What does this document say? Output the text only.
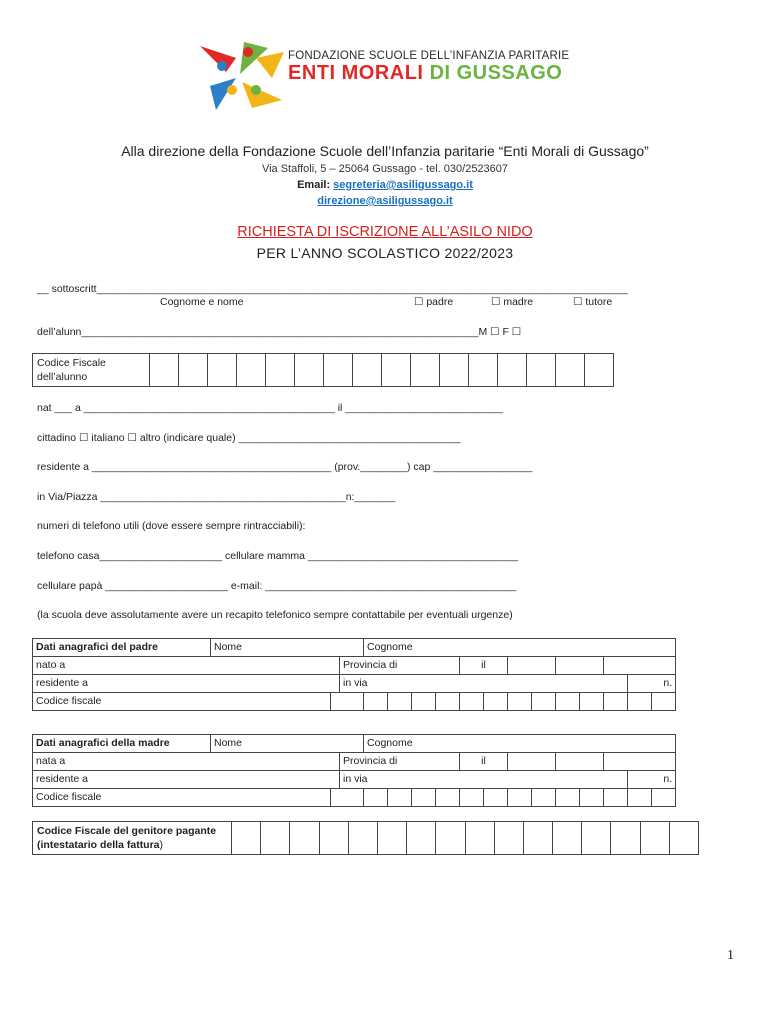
FONDAZIONE SCUOLE DELL’INFANZIA PARITARIE
ENTI MORALI DI GUSSAGO
Alla direzione della Fondazione Scuole dell’Infanzia paritarie “Enti Morali di Gussago”
Via Staffoli, 5 – 25064 Gussago - tel. 030/2523607
Email: segreteria@asiligussago.it
direzione@asiligussago.it
RICHIESTA DI ISCRIZIONE ALL’ASILO NIDO
PER L’ANNO SCOLASTICO 2022/2023
__ sottoscritt___________________________________________________________________________________________
Cognome e nome	☐ padre	☐ madre	☐ tutore
dell’alunn____________________________________________________________________M ☐ F ☐
Codice Fiscale
dell’alunno
nat ___ a ___________________________________________ il ___________________________
cittadino ☐ italiano ☐ altro (indicare quale) ______________________________________
residente a _________________________________________ (prov.________) cap _________________
in Via/Piazza __________________________________________n:_______
numeri di telefono utili (dove essere sempre rintracciabili):
telefono casa_____________________ cellulare mamma ____________________________________
cellulare papà _____________________ e-mail: ___________________________________________
(la scuola deve assolutamente avere un recapito telefonico sempre contattabile per eventuali urgenze)
Dati anagrafici del padre	Nome			Cognome												
nato a			Provincia di					il								
residente a			in via												n.	
Codice fiscale																
Dati anagrafici della madre	Nome			Cognome												
nata a			Provincia di					il								
residente a			in via												n.	
Codice fiscale																
Codice Fiscale del genitore pagante
(intestatario della fattura)
1
